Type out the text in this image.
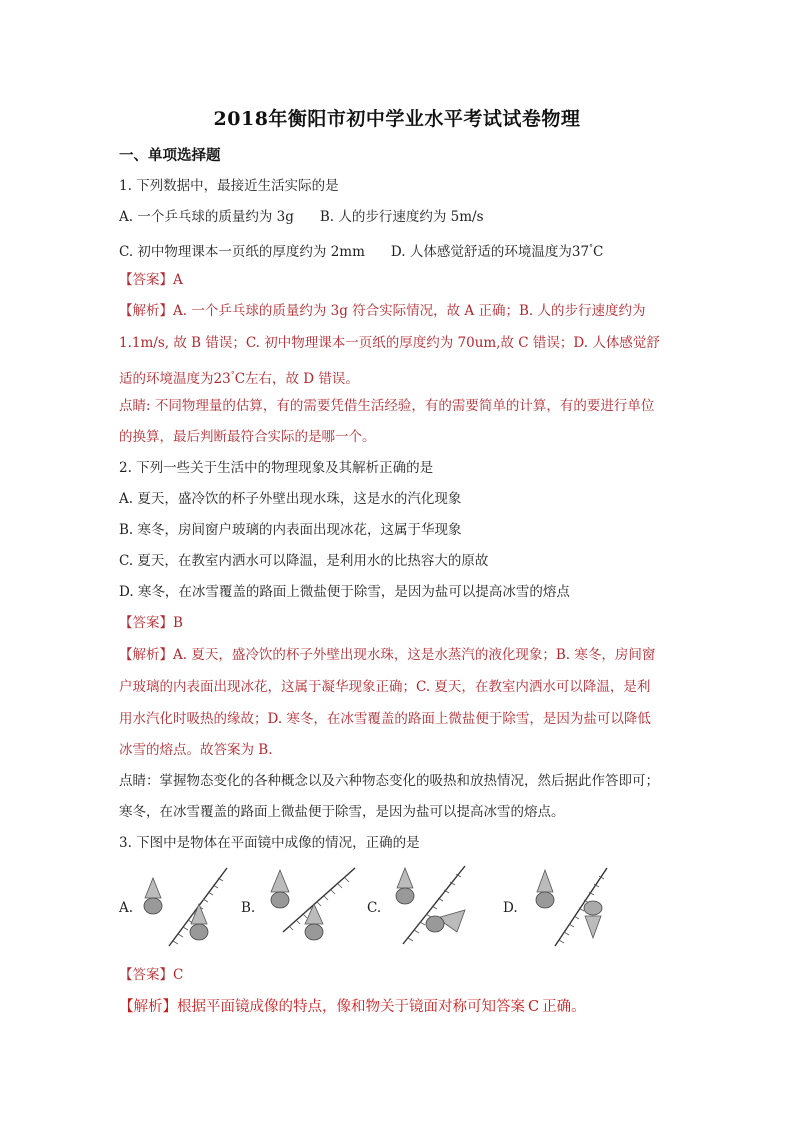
2018年衡阳市初中学业水平考试试卷物理
一、单项选择题
1. 下列数据中，最接近生活实际的是
A. 一个乒乓球的质量约为 3g B. 人的步行速度约为 5m/s
C. 初中物理课本一页纸的厚度约为 2mm D. 人体感觉舒适的环境温度为37°C
【答案】A
【解析】A. 一个乒乓球的质量约为 3g 符合实际情况，故 A 正确；B. 人的步行速度约为
1.1m/s, 故 B 错误；C. 初中物理课本一页纸的厚度约为 70um,故 C 错误；D. 人体感觉舒
适的环境温度为23°C左右，故 D 错误。
点睛: 不同物理量的估算，有的需要凭借生活经验，有的需要简单的计算，有的要进行单位
的换算，最后判断最符合实际的是哪一个。
2. 下列一些关于生活中的物理现象及其解析正确的是
A. 夏天，盛冷饮的杯子外壁出现水珠，这是水的汽化现象
B. 寒冬，房间窗户玻璃的内表面出现冰花，这属于华现象
C. 夏天，在教室内洒水可以降温，是利用水的比热容大的原故
D. 寒冬，在冰雪覆盖的路面上微盐便于除雪，是因为盐可以提高冰雪的熔点
【答案】B
【解析】A. 夏天，盛冷饮的杯子外壁出现水珠，这是水蒸汽的液化现象；B. 寒冬，房间窗
户玻璃的内表面出现冰花，这属于凝华现象正确；C. 夏天，在教室内洒水可以降温，是利
用水汽化时吸热的缘故；D. 寒冬，在冰雪覆盖的路面上微盐便于除雪，是因为盐可以降低
冰雪的熔点。故答案为 B.
点睛：掌握物态变化的各种概念以及六种物态变化的吸热和放热情况，然后据此作答即可；
寒冬，在冰雪覆盖的路面上微盐便于除雪，是因为盐可以提高冰雪的熔点。
3. 下图中是物体在平面镜中成像的情况，正确的是
A.	B.	C.	D.
【答案】C
【解析】根据平面镜成像的特点，像和物关于镜面对称可知答案 C 正确。
